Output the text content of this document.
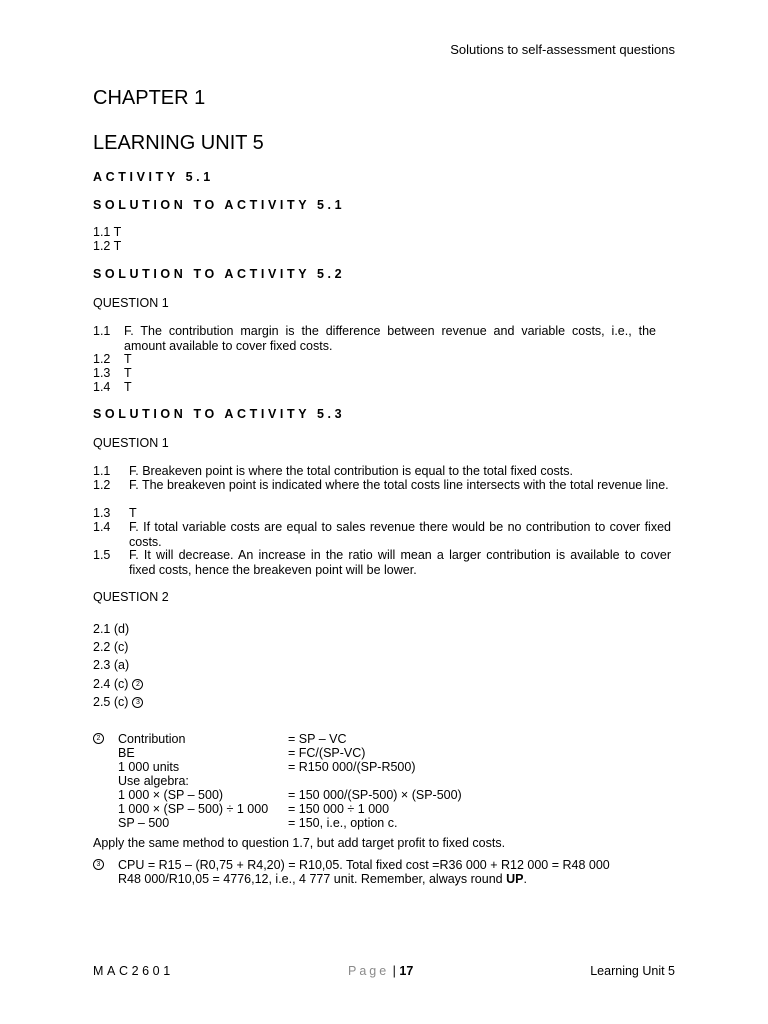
Solutions to self-assessment questions
CHAPTER 1
LEARNING UNIT 5
ACTIVITY 5.1
SOLUTION TO ACTIVITY 5.1
1.1 T
1.2 T
SOLUTION TO ACTIVITY 5.2
QUESTION 1
1.1 F. The contribution margin is the difference between revenue and variable costs, i.e., the amount available to cover fixed costs.
1.2 T
1.3 T
1.4 T
SOLUTION TO ACTIVITY 5.3
QUESTION 1
1.1 F. Breakeven point is where the total contribution is equal to the total fixed costs.
1.2 F. The breakeven point is indicated where the total costs line intersects with the total revenue line.
1.3 T
1.4 F. If total variable costs are equal to sales revenue there would be no contribution to cover fixed costs.
1.5 F. It will decrease. An increase in the ratio will mean a larger contribution is available to cover fixed costs, hence the breakeven point will be lower.
QUESTION 2
2.1 (d)
2.2 (c)
2.3 (a)
2.4 (c) 2
2.5 (c) 3
2 Contribution	= SP – VC
BE	= FC/(SP-VC)
1 000 units	= R150 000/(SP-R500)
Use algebra:
1 000 × (SP – 500)	= 150 000/(SP-500) × (SP-500)
1 000 × (SP – 500) ÷ 1 000 = 150 000 ÷ 1 000
SP – 500	= 150, i.e., option c.
Apply the same method to question 1.7, but add target profit to fixed costs.
3 CPU = R15 – (R0,75 + R4,20) = R10,05. Total fixed cost =R36 000 + R12 000 = R48 000
R48 000/R10,05 = 4776,12, i.e., 4 777 unit. Remember, always round UP.
MAC2601	Page | 17	Learning Unit 5
